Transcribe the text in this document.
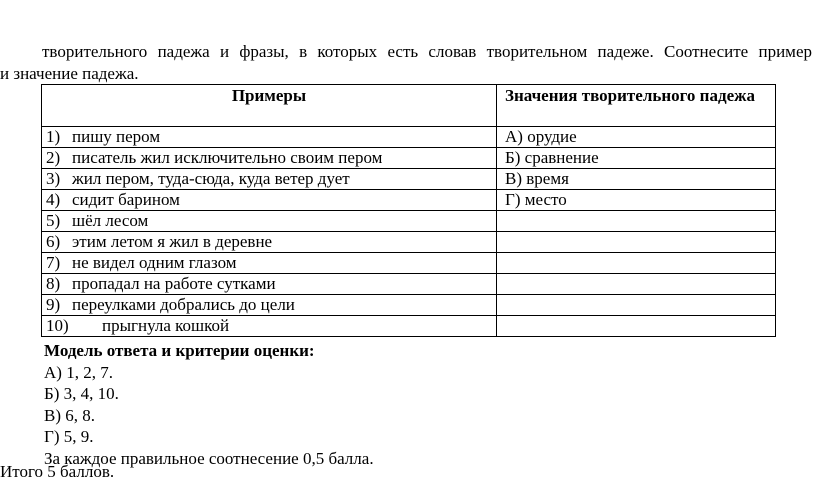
творительного падежа и фразы, в которых есть словав творительном падеже. Соотнесите пример
и значение падежа.
Примеры	Значения творительного падежа
1) пишу пером	А) орудие
2) писатель жил исключительно своим пером	Б) сравнение
3) жил пером, туда-сюда, куда ветер дует	В) время
4) сидит барином	Г) место
5) шёл лесом	
6) этим летом я жил в деревне	
7) не видел одним глазом	
8) пропадал на работе сутками	
9) переулками добрались до цели	
10) прыгнула кошкой	
Модель ответа и критерии оценки:
А) 1, 2, 7.
Б) 3, 4, 10.
В) 6, 8.
Г) 5, 9.
За каждое правильное соотнесение 0,5 балла.
Итого 5 баллов.
